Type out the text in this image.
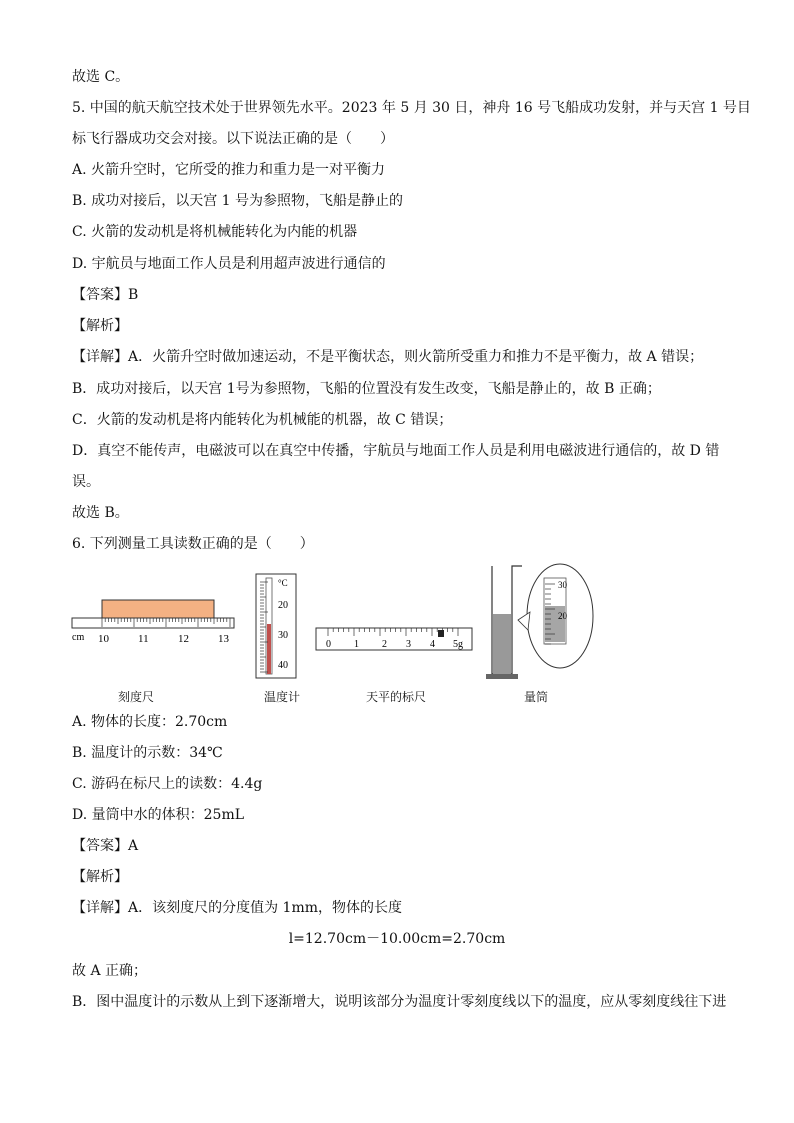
故选 C。
5. 中国的航天航空技术处于世界领先水平。2023 年 5 月 30 日，神舟 16 号飞船成功发射，并与天宫 1 号目
标飞行器成功交会对接。以下说法正确的是（　　）
A. 火箭升空时，它所受的推力和重力是一对平衡力
B. 成功对接后，以天宫 1 号为参照物，飞船是静止的
C. 火箭的发动机是将机械能转化为内能的机器
D. 宇航员与地面工作人员是利用超声波进行通信的
【答案】B
【解析】
【详解】A．火箭升空时做加速运动，不是平衡状态，则火箭所受重力和推力不是平衡力，故 A 错误；
B．成功对接后，以天宫 1号为参照物，飞船的位置没有发生改变，飞船是静止的，故 B 正确；
C．火箭的发动机是将内能转化为机械能的机器，故 C 错误；
D．真空不能传声，电磁波可以在真空中传播，宇航员与地面工作人员是利用电磁波进行通信的，故 D 错
误。
故选 B。
6. 下列测量工具读数正确的是（　　）
cm 10	11	12	13
°C
20
30
40
0 1 2 3 4 5g
30
20
刻度尺	温度计	天平的标尺	量筒
A. 物体的长度：2.70cm
B. 温度计的示数：34℃
C. 游码在标尺上的读数：4.4g
D. 量筒中水的体积：25mL
【答案】A
【解析】
【详解】A．该刻度尺的分度值为 1mm，物体的长度
l=12.70cm－10.00cm=2.70cm
故 A 正确；
B．图中温度计的示数从上到下逐渐增大，说明该部分为温度计零刻度线以下的温度，应从零刻度线往下进
